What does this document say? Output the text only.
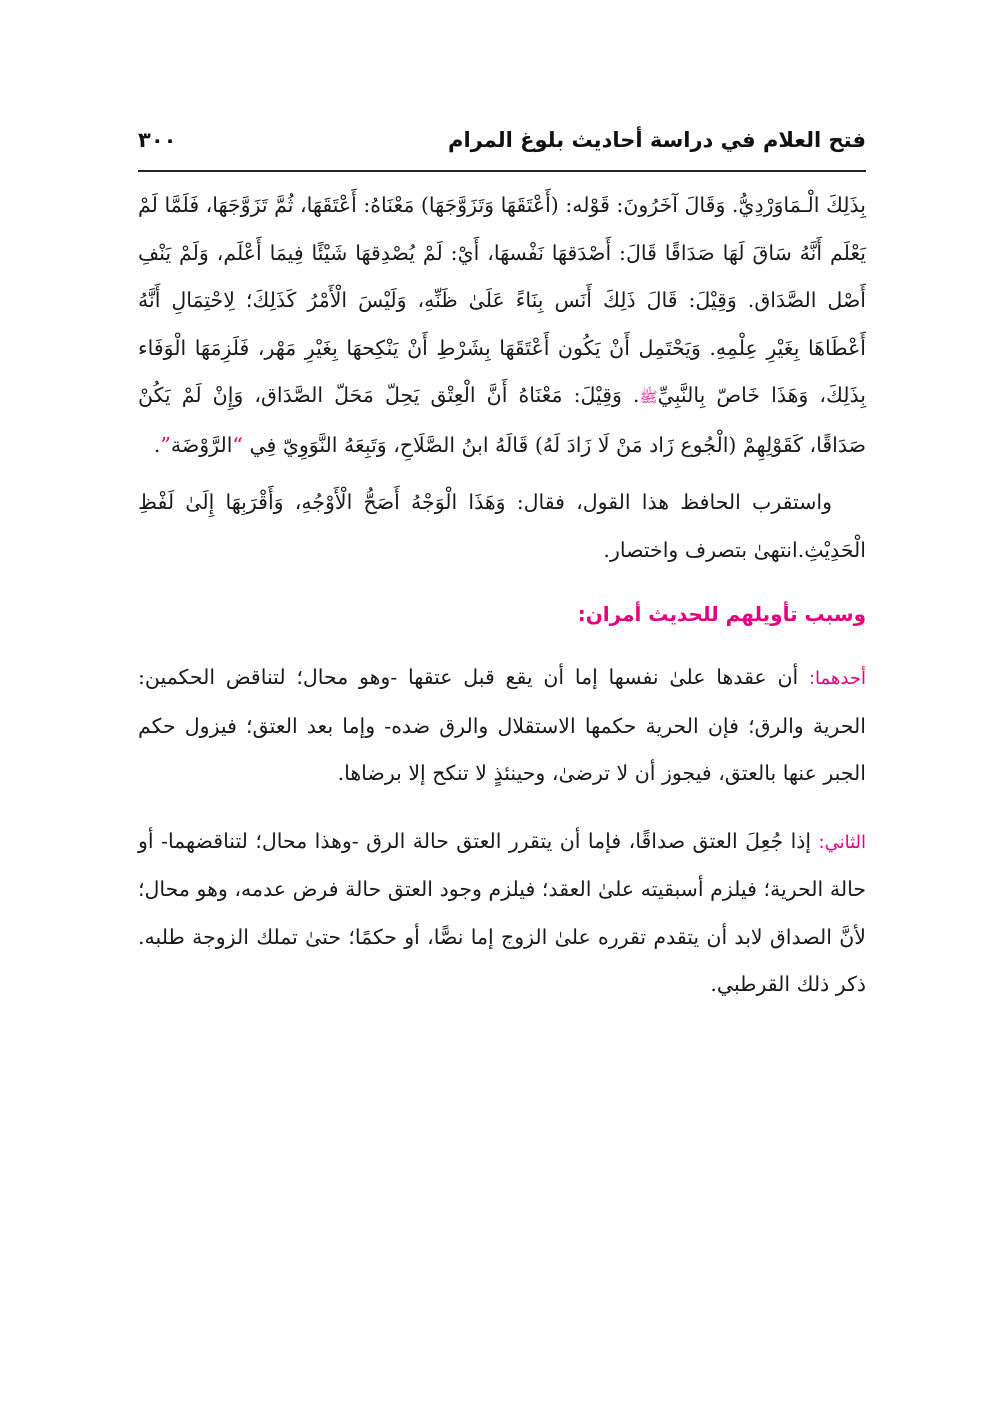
فتح العلام في دراسة أحاديث بلوغ المرام
٣٠٠

بِذَلِكَ الْـمَاوَرْدِيُّ. وَقَالَ آخَرُونَ: قَوْله: (أَعْتَقَهَا وَتَزَوَّجَهَا) مَعْنَاهُ: أَعْتَقَهَا، ثُمَّ تَزَوَّجَهَا، فَلَمَّا لَمْ يَعْلَم أَنَّهُ سَاقَ لَهَا صَدَاقًا قَالَ: أَصْدَقهَا نَفْسهَا، أَيْ: لَمْ يُصْدِقهَا شَيْئًا فِيمَا أَعْلَم، وَلَمْ يَنْفِ أَصْل الصَّدَاق. وَقِيْلَ: قَالَ ذَلِكَ أَنَس بِنَاءً عَلَىٰ ظَنِّهِ، وَلَيْسَ الْأَمْرُ كَذَلِكَ؛ لِاحْتِمَالِ أَنَّهُ أَعْطَاهَا بِغَيْرِ عِلْمِهِ. وَيَحْتَمِل أَنْ يَكُون أَعْتَقَهَا بِشَرْطِ أَنْ يَنْكِحهَا بِغَيْرِ مَهْر، فَلَزِمَهَا الْوَفَاء بِذَلِكَ، وَهَذَا خَاصّ بِالنَّبِيِّﷺ. وَقِيْلَ: مَعْنَاهُ أَنَّ الْعِتْق يَحِلّ مَحَلّ الصَّدَاق، وَإِنْ لَمْ يَكُنْ صَدَاقًا، كَقَوْلِهِمْ (الْجُوع زَاد مَنْ لَا زَادَ لَهُ) قَالَهُ ابنُ الصَّلَاحِ، وَتَبِعَهُ النَّوَوِيّ فِي “الرَّوْضَة”.

واستقرب الحافظ هذا القول، فقال: وَهَذَا الْوَجْهُ أَصَحُّ الْأَوْجُهِ، وَأَقْرَبِهَا إِلَىٰ لَفْظِ الْحَدِيْثِ.انتهىٰ بتصرف واختصار.

وسبب تأويلهم للحديث أمران:

أحدهما: أن عقدها علىٰ نفسها إما أن يقع قبل عتقها -وهو محال؛ لتناقض الحكمين: الحرية والرق؛ فإن الحرية حكمها الاستقلال والرق ضده- وإما بعد العتق؛ فيزول حكم الجبر عنها بالعتق، فيجوز أن لا ترضىٰ، وحينئذٍ لا تنكح إلا برضاها.

الثاني: إذا جُعِلَ العتق صداقًا، فإما أن يتقرر العتق حالة الرق -وهذا محال؛ لتناقضهما- أو حالة الحرية؛ فيلزم أسبقيته علىٰ العقد؛ فيلزم وجود العتق حالة فرض عدمه، وهو محال؛ لأنَّ الصداق لابد أن يتقدم تقرره علىٰ الزوج إما نصًّا، أو حكمًا؛ حتىٰ تملك الزوجة طلبه. ذكر ذلك القرطبي.
